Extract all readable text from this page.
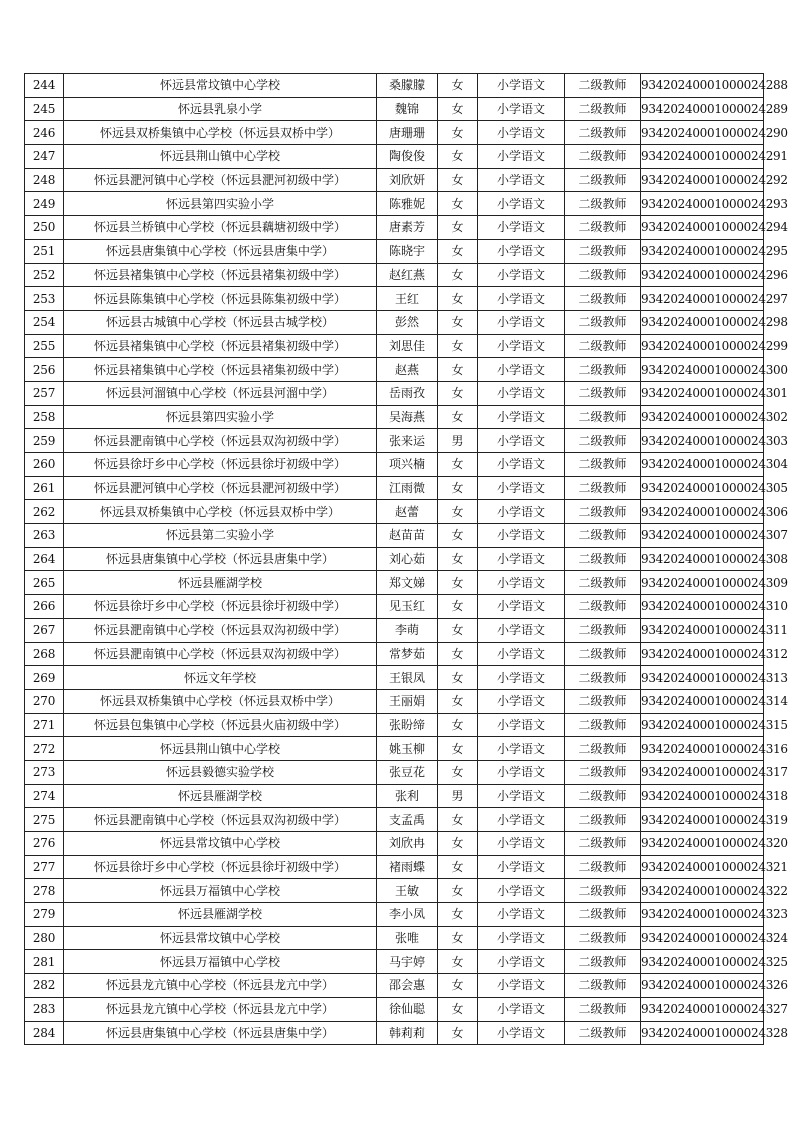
244	怀远县常坟镇中心学校	桑朦朦	女	小学语文	二级教师	93420240001000024288
245	怀远县乳泉小学	魏锦	女	小学语文	二级教师	93420240001000024289
246	怀远县双桥集镇中心学校（怀远县双桥中学）	唐珊珊	女	小学语文	二级教师	93420240001000024290
247	怀远县荆山镇中心学校	陶俊俊	女	小学语文	二级教师	93420240001000024291
248	怀远县淝河镇中心学校（怀远县淝河初级中学）	刘欣妍	女	小学语文	二级教师	93420240001000024292
249	怀远县第四实验小学	陈雅妮	女	小学语文	二级教师	93420240001000024293
250	怀远县兰桥镇中心学校（怀远县藕塘初级中学）	唐素芳	女	小学语文	二级教师	93420240001000024294
251	怀远县唐集镇中心学校（怀远县唐集中学）	陈晓宇	女	小学语文	二级教师	93420240001000024295
252	怀远县褚集镇中心学校（怀远县褚集初级中学）	赵红燕	女	小学语文	二级教师	93420240001000024296
253	怀远县陈集镇中心学校（怀远县陈集初级中学）	王红	女	小学语文	二级教师	93420240001000024297
254	怀远县古城镇中心学校（怀远县古城学校）	彭然	女	小学语文	二级教师	93420240001000024298
255	怀远县褚集镇中心学校（怀远县褚集初级中学）	刘思佳	女	小学语文	二级教师	93420240001000024299
256	怀远县褚集镇中心学校（怀远县褚集初级中学）	赵燕	女	小学语文	二级教师	93420240001000024300
257	怀远县河溜镇中心学校（怀远县河溜中学）	岳雨孜	女	小学语文	二级教师	93420240001000024301
258	怀远县第四实验小学	吴海燕	女	小学语文	二级教师	93420240001000024302
259	怀远县淝南镇中心学校（怀远县双沟初级中学）	张来运	男	小学语文	二级教师	93420240001000024303
260	怀远县徐圩乡中心学校（怀远县徐圩初级中学）	项兴楠	女	小学语文	二级教师	93420240001000024304
261	怀远县淝河镇中心学校（怀远县淝河初级中学）	江雨微	女	小学语文	二级教师	93420240001000024305
262	怀远县双桥集镇中心学校（怀远县双桥中学）	赵蕾	女	小学语文	二级教师	93420240001000024306
263	怀远县第二实验小学	赵苗苗	女	小学语文	二级教师	93420240001000024307
264	怀远县唐集镇中心学校（怀远县唐集中学）	刘心茹	女	小学语文	二级教师	93420240001000024308
265	怀远县雁湖学校	郑文娣	女	小学语文	二级教师	93420240001000024309
266	怀远县徐圩乡中心学校（怀远县徐圩初级中学）	见玉红	女	小学语文	二级教师	93420240001000024310
267	怀远县淝南镇中心学校（怀远县双沟初级中学）	李萌	女	小学语文	二级教师	93420240001000024311
268	怀远县淝南镇中心学校（怀远县双沟初级中学）	常梦茹	女	小学语文	二级教师	93420240001000024312
269	怀远文年学校	王银凤	女	小学语文	二级教师	93420240001000024313
270	怀远县双桥集镇中心学校（怀远县双桥中学）	王丽娟	女	小学语文	二级教师	93420240001000024314
271	怀远县包集镇中心学校（怀远县火庙初级中学）	张盼缔	女	小学语文	二级教师	93420240001000024315
272	怀远县荆山镇中心学校	姚玉柳	女	小学语文	二级教师	93420240001000024316
273	怀远县毅德实验学校	张豆花	女	小学语文	二级教师	93420240001000024317
274	怀远县雁湖学校	张利	男	小学语文	二级教师	93420240001000024318
275	怀远县淝南镇中心学校（怀远县双沟初级中学）	支孟禹	女	小学语文	二级教师	93420240001000024319
276	怀远县常坟镇中心学校	刘欣冉	女	小学语文	二级教师	93420240001000024320
277	怀远县徐圩乡中心学校（怀远县徐圩初级中学）	褚雨蝶	女	小学语文	二级教师	93420240001000024321
278	怀远县万福镇中心学校	王敏	女	小学语文	二级教师	93420240001000024322
279	怀远县雁湖学校	李小凤	女	小学语文	二级教师	93420240001000024323
280	怀远县常坟镇中心学校	张唯	女	小学语文	二级教师	93420240001000024324
281	怀远县万福镇中心学校	马宇婷	女	小学语文	二级教师	93420240001000024325
282	怀远县龙亢镇中心学校（怀远县龙亢中学）	邵会惠	女	小学语文	二级教师	93420240001000024326
283	怀远县龙亢镇中心学校（怀远县龙亢中学）	徐仙聪	女	小学语文	二级教师	93420240001000024327
284	怀远县唐集镇中心学校（怀远县唐集中学）	韩莉莉	女	小学语文	二级教师	93420240001000024328
